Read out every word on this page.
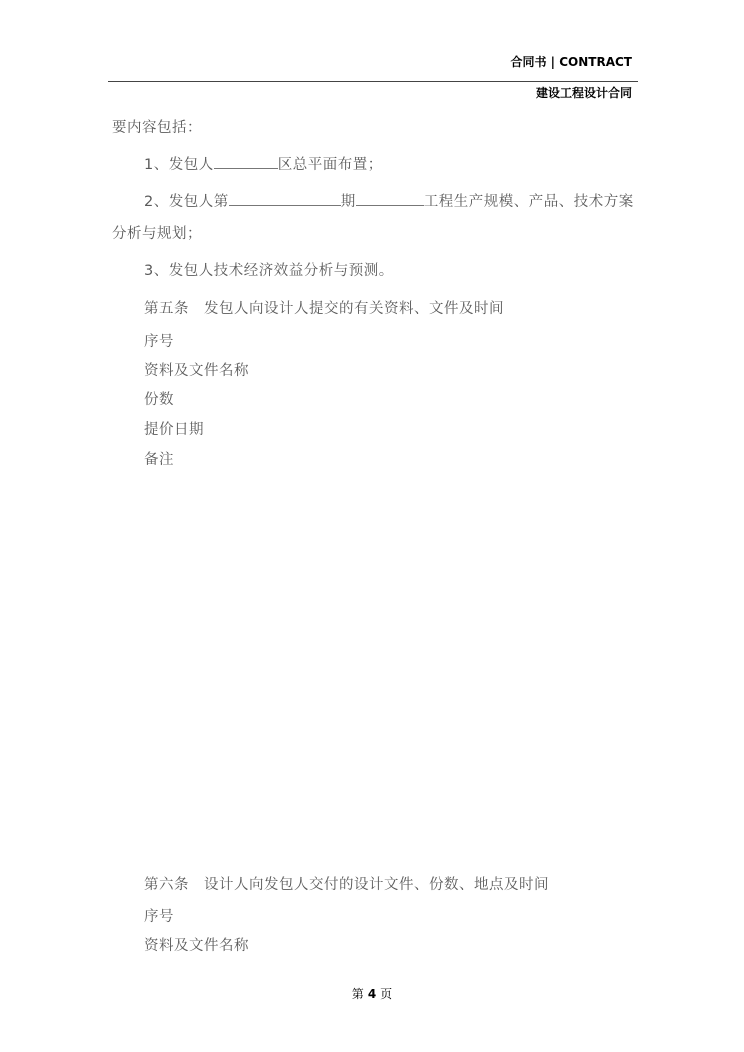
合同书 | CONTRACT
建设工程设计合同
要内容包括：
1、发包人	区总平面布置；
2、发包人第	期	工程生产规模、产品、技术方案
分析与规划；
3、发包人技术经济效益分析与预测。
第五条　发包人向设计人提交的有关资料、文件及时间
序号
资料及文件名称
份数
提价日期
备注
第六条　设计人向发包人交付的设计文件、份数、地点及时间
序号
资料及文件名称
第 4 页
